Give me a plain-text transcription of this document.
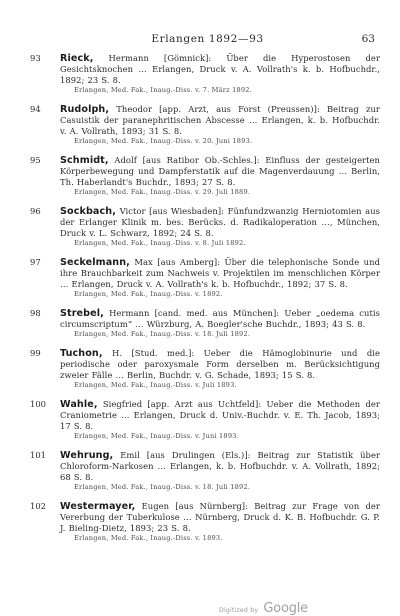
Erlangen 1892—93	63
93 Rieck, Hermann [Gömnick]: Über die Hyperostosen der Gesichtsknochen … Erlangen, Druck v. A. Vollrath's k. b. Hofbuchdr., 1892; 23 S. 8.
Erlangen, Med. Fak., Inaug.-Diss. v. 7. März 1892.
94 Rudolph, Theodor [app. Arzt, aus Forst (Preussen)]: Beitrag zur Casuistik der paranephritischen Abscesse … Erlangen, k. b. Hofbuchdr. v. A. Vollrath, 1893; 31 S. 8.
Erlangen, Med. Fak., Inaug.-Diss. v. 20. Juni 1893.
95 Schmidt, Adolf [aus Ratibor Ob.-Schles.]: Einfluss der gesteigerten Körperbewegung und Dampferstatik auf die Magenverdauung … Berlin, Th. Haberlandt's Buchdr., 1893; 27 S. 8.
Erlangen, Med. Fak., Inaug.-Diss. v. 29. Juli 1889.
96 Sockbach, Victor [aus Wiesbaden]: Fünfundzwanzig Herniotomien aus der Erlanger Klinik m. bes. Berücks. d. Radikaloperation …, München, Druck v. L. Schwarz, 1892; 24 S. 8.
Erlangen, Med. Fak., Inaug.-Diss. v. 8. Juli 1892.
97 Seckelmann, Max [aus Amberg]: Über die telephonische Sonde und ihre Brauchbarkeit zum Nachweis v. Projektilen im menschlichen Körper … Erlangen, Druck v. A. Vollrath's k. b. Hofbuchdr., 1892; 37 S. 8.
Erlangen, Med. Fak., Inaug.-Diss. v. 1892.
98 Strebel, Hermann [cand. med. aus München]: Ueber „oedema cutis circumscriptum“ … Würzburg, A. Boegler'sche Buchdr., 1893; 43 S. 8.
Erlangen, Med. Fak., Inaug.-Diss. v. 18. Juli 1892.
99 Tuchon, H. [Stud. med.]: Ueber die Hämoglobinurie und die periodische oder paroxysmale Form derselben m. Berücksichtigung zweier Fälle … Berlin, Buchdr. v. G. Schade, 1893; 15 S. 8.
Erlangen, Med. Fak., Inaug.-Diss. v. Juli 1893.
100 Wahle, Siegfried [app. Arzt aus Uchtfeld]: Ueber die Methoden der Craniometrie … Erlangen, Druck d. Univ.-Buchdr. v. E. Th. Jacob, 1893; 17 S. 8.
Erlangen, Med. Fak., Inaug.-Diss. v. Juni 1893.
101 Wehrung, Emil [aus Drulingen (Els.)]: Beitrag zur Statistik über Chloroform-Narkosen … Erlangen, k. b. Hofbuchdr. v. A. Vollrath, 1892; 68 S. 8.
Erlangen, Med. Fak., Inaug.-Diss. v. 18. Juli 1892.
102 Westermayer, Eugen [aus Nürnberg]: Beitrag zur Frage von der Vererbung der Tuberkulose … Nürnberg, Druck d. K. B. Hofbuchdr. G. P. J. Bieling-Dietz, 1893; 23 S. 8.
Erlangen, Med. Fak., Inaug.-Diss. v. 1893.
Digitized by Google
